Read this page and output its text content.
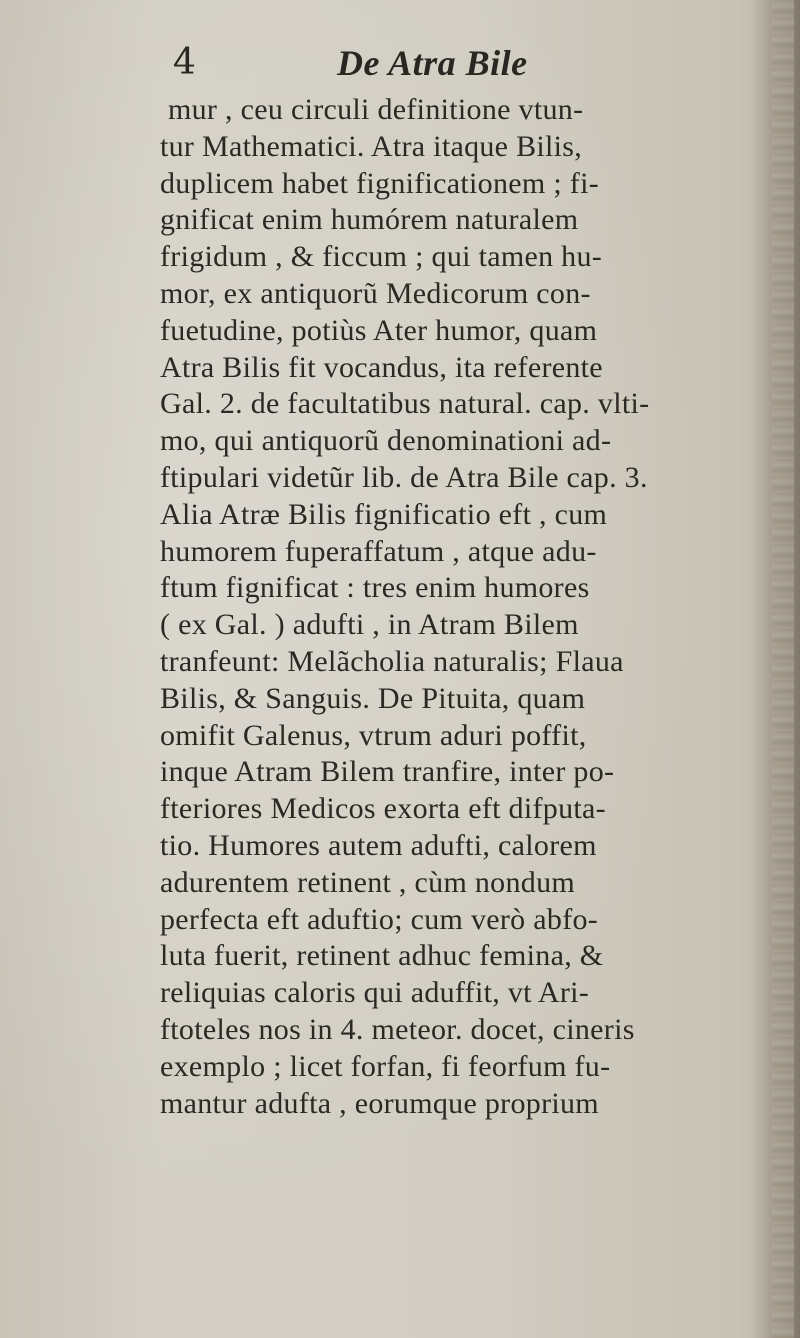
4	De Atra Bile
mur , ceu circuli definitione vtun-
tur Mathematici. Atra itaque Bilis,
duplicem habet fignificationem ; fi-
gnificat enim humórem naturalem
frigidum , & ficcum ; qui tamen hu-
mor, ex antiquorũ Medicorum con-
fuetudine, potiùs Ater humor, quam
Atra Bilis fit vocandus, ita referente
Gal. 2. de facultatibus natural. cap. vlti-
mo, qui antiquorũ denominationi ad-
ftipulari videtũr lib. de Atra Bile cap. 3.
Alia Atræ Bilis fignificatio eft , cum
humorem fuperaffatum , atque adu-
ftum fignificat : tres enim humores
( ex Gal. ) adufti , in Atram Bilem
tranfeunt: Melãcholia naturalis; Flaua
Bilis, & Sanguis. De Pituita, quam
omifit Galenus, vtrum aduri poffit,
inque Atram Bilem tranfire, inter po-
fteriores Medicos exorta eft difputa-
tio. Humores autem adufti, calorem
adurentem retinent , cùm nondum
perfecta eft aduftio; cum verò abfo-
luta fuerit, retinent adhuc femina, &
reliquias caloris qui aduffit, vt Ari-
ftoteles nos in 4. meteor. docet, cineris
exemplo ; licet forfan, fi feorfum fu-
mantur adufta , eorumque proprium
